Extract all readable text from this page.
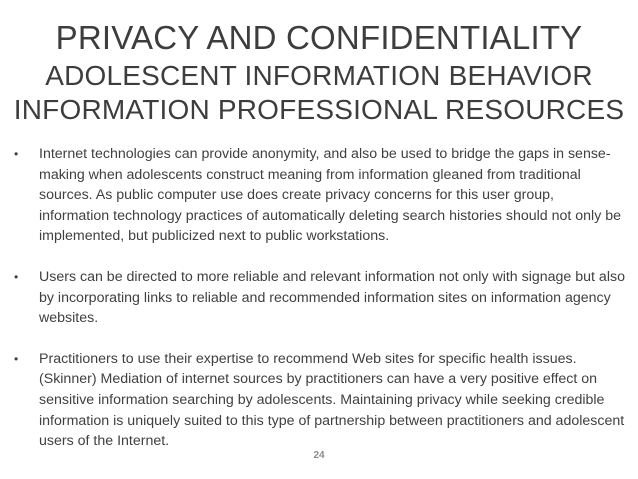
PRIVACY AND CONFIDENTIALITY
ADOLESCENT INFORMATION BEHAVIOR
INFORMATION PROFESSIONAL RESOURCES
• Internet technologies can provide anonymity, and also be used to bridge the gaps in sense-making when adolescents construct meaning from information gleaned from traditional sources. As public computer use does create privacy concerns for this user group, information technology practices of automatically deleting search histories should not only be implemented, but publicized next to public workstations.
• Users can be directed to more reliable and relevant information not only with signage but also by incorporating links to reliable and recommended information sites on information agency websites.
• Practitioners to use their expertise to recommend Web sites for specific health issues. (Skinner) Mediation of internet sources by practitioners can have a very positive effect on sensitive information searching by adolescents. Maintaining privacy while seeking credible information is uniquely suited to this type of partnership between practitioners and adolescent users of the Internet.
24
